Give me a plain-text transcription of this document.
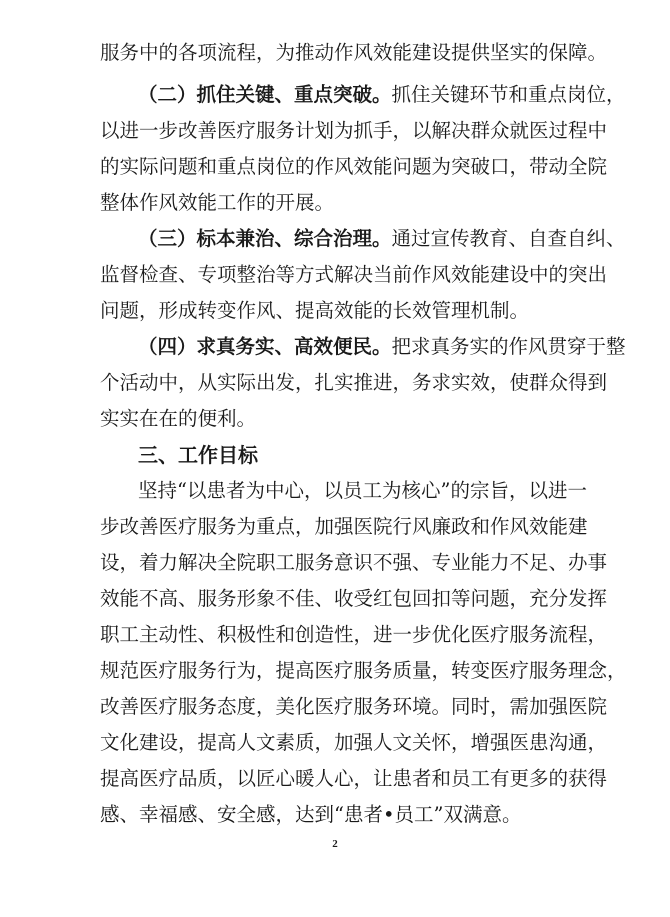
服务中的各项流程，为推动作风效能建设提供坚实的保障。
（二）抓住关键、重点突破。抓住关键环节和重点岗位，
以进一步改善医疗服务计划为抓手，以解决群众就医过程中
的实际问题和重点岗位的作风效能问题为突破口，带动全院
整体作风效能工作的开展。
（三）标本兼治、综合治理。通过宣传教育、自查自纠、
监督检查、专项整治等方式解决当前作风效能建设中的突出
问题，形成转变作风、提高效能的长效管理机制。
（四）求真务实、高效便民。把求真务实的作风贯穿于整
个活动中，从实际出发，扎实推进，务求实效，使群众得到
实实在在的便利。
三、工作目标
坚持“以患者为中心，以员工为核心”的宗旨，以进一
步改善医疗服务为重点，加强医院行风廉政和作风效能建
设，着力解决全院职工服务意识不强、专业能力不足、办事
效能不高、服务形象不佳、收受红包回扣等问题，充分发挥
职工主动性、积极性和创造性，进一步优化医疗服务流程，
规范医疗服务行为，提高医疗服务质量，转变医疗服务理念，
改善医疗服务态度，美化医疗服务环境。同时，需加强医院
文化建设，提高人文素质，加强人文关怀，增强医患沟通，
提高医疗品质，以匠心暖人心，让患者和员工有更多的获得
感、幸福感、安全感，达到“患者•员工”双满意。
2
